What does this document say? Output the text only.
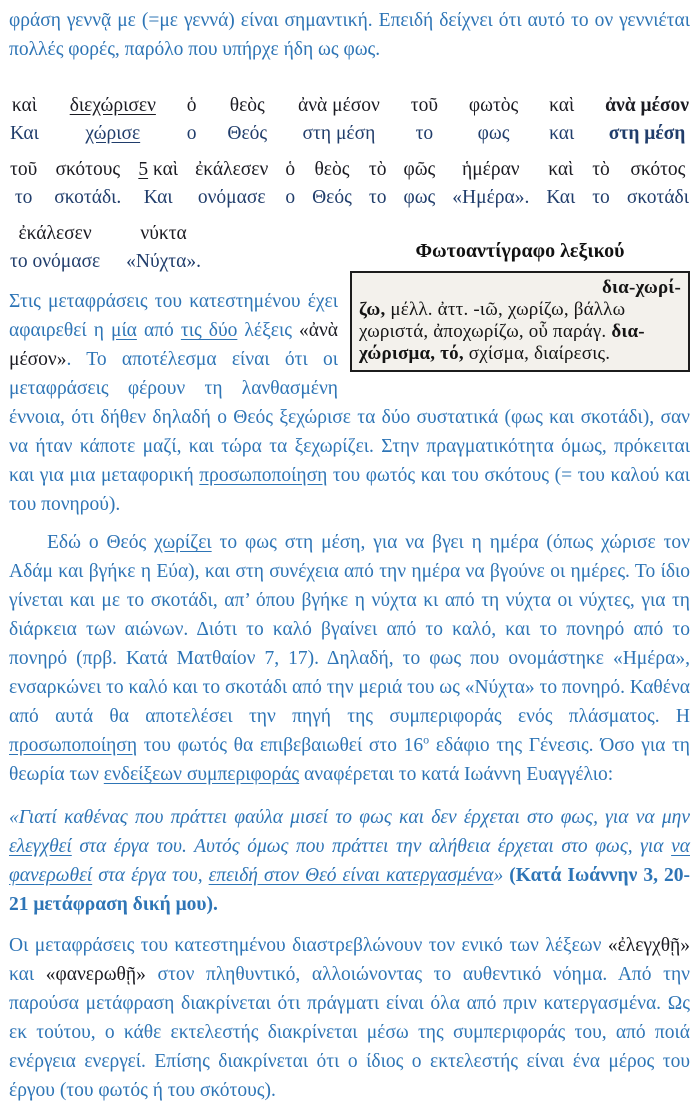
φράση γεννᾷ με (=με γεννά) είναι σημαντική. Επειδή δείχνει ότι αυτό το ον γεννιέται πολλές φορές, παρόλο που υπήρχε ήδη ως φως.

καὶ
Και
διεχώρισεν
χώρισε
ὁ
ο
θεὸς
Θεός
ἀνὰ μέσον
στη μέση
τοῦ
το
φωτὸς
φως
καὶ
και
ἀνὰ μέσον
στη μέση
τοῦ
το
σκότους
σκοτάδι.
5 καὶ
Και
ἐκάλεσεν
ονόμασε
ὁ
ο
θεὸς
Θεός
τὸ
το
φῶς
φως
ἡμέραν
«Ημέρα».
καὶ
Και
τὸ
το
σκότος
σκοτάδι
Φωτοαντίγραφο λεξικού
δια-χωρί-
ζω, μέλλ. ἀττ. -ιῶ, χωρίζω, βάλλω
χωριστά, ἀποχωρίζω, οὗ παράγ. δια-
χώρισμα, τό, σχίσμα, διαίρεσις.
ἐκάλεσεν
το ονόμασε
νύκτα
«Νύχτα».

Στις μεταφράσεις του κατεστημένου έχει αφαιρεθεί η μία από τις δύο λέξεις «ἀνὰ μέσον». Το αποτέλεσμα είναι ότι οι μεταφράσεις φέρουν τη λανθασμένη έννοια, ότι δήθεν δηλαδή ο Θεός ξεχώρισε τα δύο συστατικά (φως και σκοτάδι), σαν να ήταν κάποτε μαζί, και τώρα τα ξεχωρίζει. Στην πραγματικότητα όμως, πρόκειται και για μια μεταφορική προσωποποίηση του φωτός και του σκότους (= του καλού και του πονηρού).

Εδώ ο Θεός χωρίζει το φως στη μέση, για να βγει η ημέρα (όπως χώρισε τον Αδάμ και βγήκε η Εύα), και στη συνέχεια από την ημέρα να βγούνε οι ημέρες. Το ίδιο γίνεται και με το σκοτάδι, απ’ όπου βγήκε η νύχτα κι από τη νύχτα οι νύχτες, για τη διάρκεια των αιώνων. Διότι το καλό βγαίνει από το καλό, και το πονηρό από το πονηρό (πρβ. Κατά Ματθαίον 7, 17). Δηλαδή, το φως που ονομάστηκε «Ημέρα», ενσαρκώνει το καλό και το σκοτάδι από την μεριά του ως «Νύχτα» το πονηρό. Καθένα από αυτά θα αποτελέσει την πηγή της συμπεριφοράς ενός πλάσματος. Η προσωποποίηση του φωτός θα επιβεβαιωθεί στο $16^o$ εδάφιο της Γένεσις. Όσο για τη θεωρία των ενδείξεων συμπεριφοράς αναφέρεται το κατά Ιωάννη Ευαγγέλιο:

«Γιατί καθένας που πράττει φαύλα μισεί το φως και δεν έρχεται στο φως, για να μην ελεγχθεί στα έργα του. Αυτός όμως που πράττει την αλήθεια έρχεται στο φως, για να φανερωθεί στα έργα του, επειδή στον Θεό είναι κατεργασμένα» (Κατά Ιωάννην 3, 20-21 μετάφραση δική μου).

Οι μεταφράσεις του κατεστημένου διαστρεβλώνουν τον ενικό των λέξεων «ἐλεγχθῇ» και «φανερωθῇ» στον πληθυντικό, αλλοιώνοντας το αυθεντικό νόημα. Από την παρούσα μετάφραση διακρίνεται ότι πράγματι είναι όλα από πριν κατεργασμένα. Ως εκ τούτου, ο κάθε εκτελεστής διακρίνεται μέσω της συμπεριφοράς του, από ποιά ενέργεια ενεργεί. Επίσης διακρίνεται ότι ο ίδιος ο εκτελεστής είναι ένα μέρος του έργου (του φωτός ή του σκότους).
